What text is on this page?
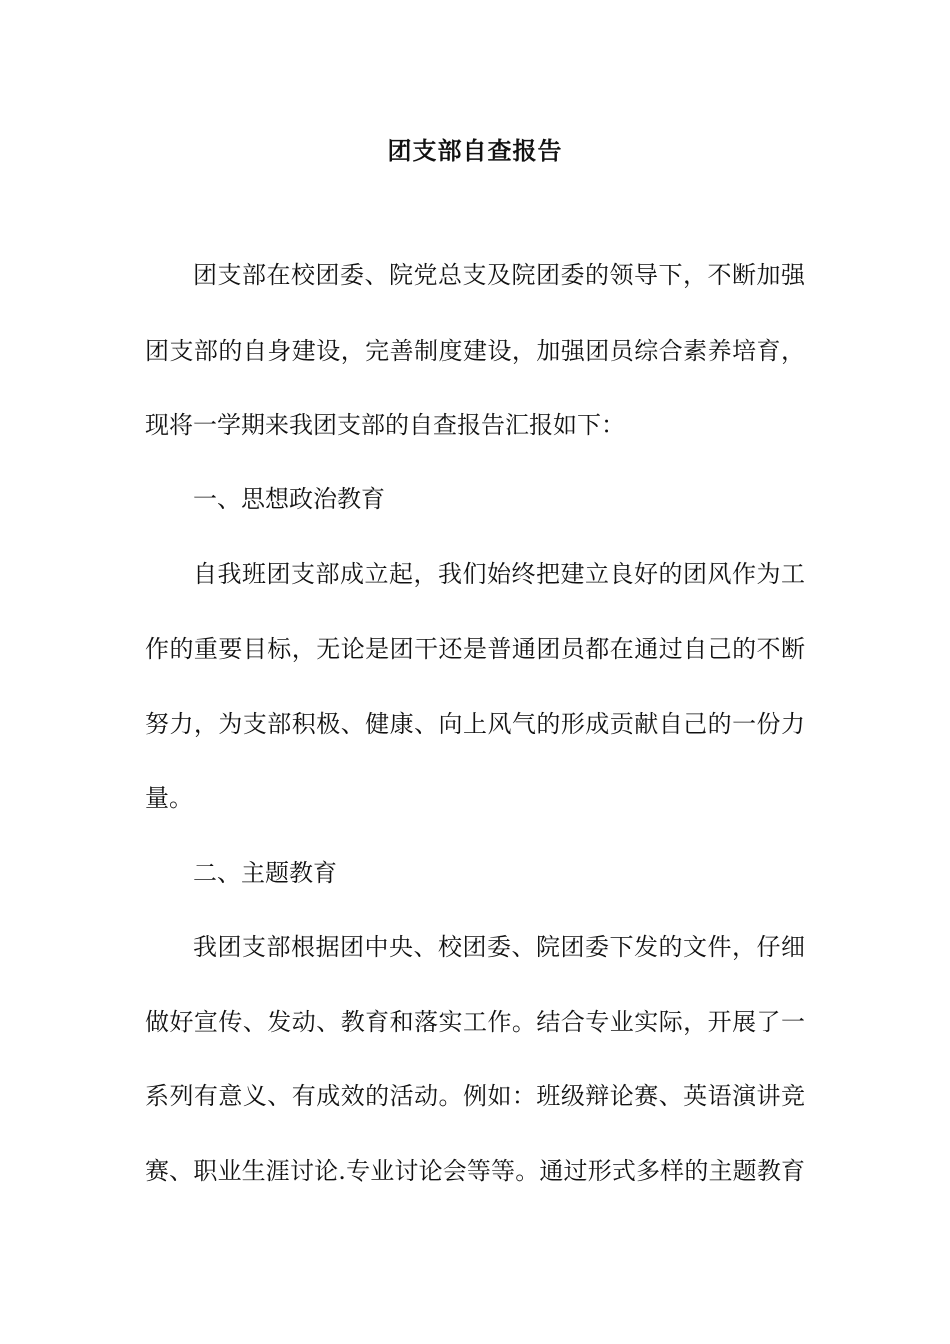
团支部自查报告
团支部在校团委、院党总支及院团委的领导下，不断加强
团支部的自身建设，完善制度建设，加强团员综合素养培育，
现将一学期来我团支部的自查报告汇报如下：
一、思想政治教育
自我班团支部成立起，我们始终把建立良好的团风作为工
作的重要目标，无论是团干还是普通团员都在通过自己的不断
努力，为支部积极、健康、向上风气的形成贡献自己的一份力
量。
二、主题教育
我团支部根据团中央、校团委、院团委下发的文件，仔细
做好宣传、发动、教育和落实工作。结合专业实际，开展了一
系列有意义、有成效的活动。例如：班级辩论赛、英语演讲竞
赛、职业生涯讨论.专业讨论会等等。通过形式多样的主题教育
